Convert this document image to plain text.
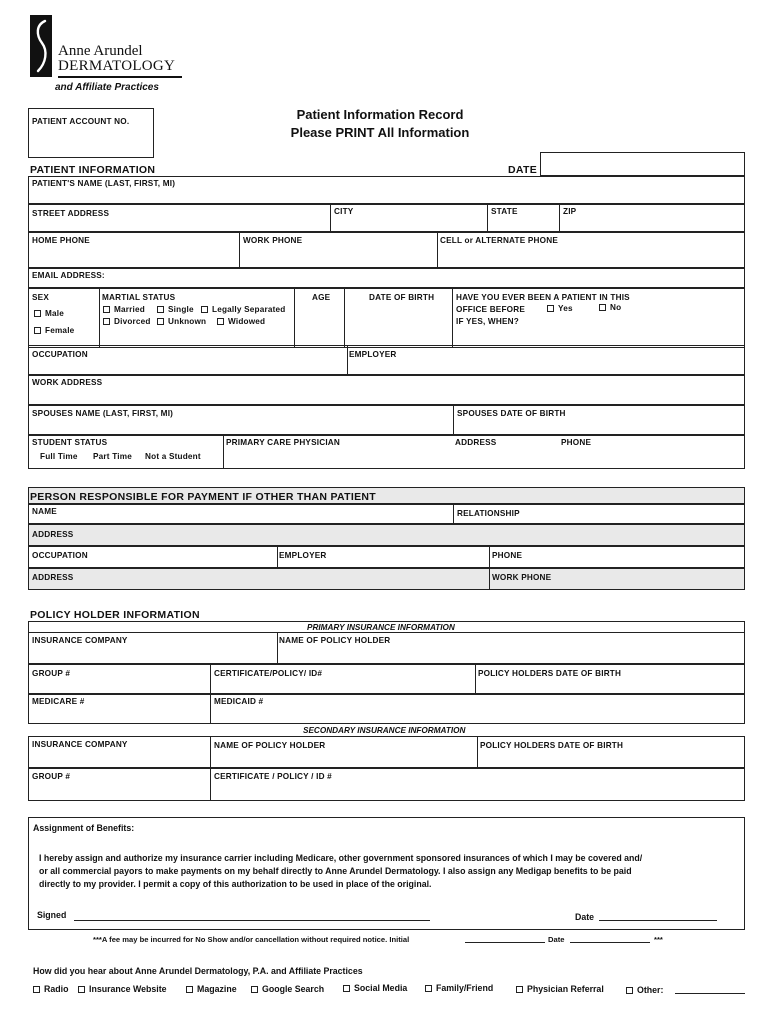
Anne Arundel
DERMATOLOGY
and Affiliate Practices
Patient Information Record
Please PRINT All Information
PATIENT ACCOUNT NO.
PATIENT INFORMATION	DATE
PATIENT'S NAME (LAST, FIRST, MI)
STREET ADDRESS	CITY	STATE	ZIP
HOME PHONE	WORK PHONE	CELL or ALTERNATE PHONE
EMAIL ADDRESS:
SEX
Male
Female
MARTIAL STATUS
Married	Single	Legally Separated
Divorced	Unknown	Widowed
AGE	DATE OF BIRTH	HAVE YOU EVER BEEN A PATIENT IN THIS
OFFICE BEFORE	Yes	No
IF YES, WHEN?
OCCUPATION	EMPLOYER
WORK ADDRESS
SPOUSES NAME (LAST, FIRST, MI)	SPOUSES DATE OF BIRTH
STUDENT STATUS
Full Time Part Time Not a Student
PRIMARY CARE PHYSICIAN	ADDRESS	PHONE
PERSON RESPONSIBLE FOR PAYMENT IF OTHER THAN PATIENT
NAME	RELATIONSHIP
ADDRESS
OCCUPATION	EMPLOYER	PHONE
ADDRESS	WORK PHONE
POLICY HOLDER INFORMATION
PRIMARY INSURANCE INFORMATION
INSURANCE COMPANY	NAME OF POLICY HOLDER
GROUP #	CERTIFICATE/POLICY/ ID#	POLICY HOLDERS DATE OF BIRTH
MEDICARE #	MEDICAID #
SECONDARY INSURANCE INFORMATION
INSURANCE COMPANY	NAME OF POLICY HOLDER	POLICY HOLDERS DATE OF BIRTH
GROUP #	CERTIFICATE / POLICY / ID #
Assignment of Benefits:
I hereby assign and authorize my insurance carrier including Medicare, other government sponsored insurances of which I may be covered and/
or all commercial payors to make payments on my behalf directly to Anne Arundel Dermatology. I also assign any Medigap benefits to be paid
directly to my provider. I permit a copy of this authorization to be used in place of the original.
Signed	Date
***A fee may be incurred for No Show and/or cancellation without required notice. Initial	Date	***
How did you hear about Anne Arundel Dermatology, P.A. and Affiliate Practices
Radio	Insurance Website	Magazine	Google Search	Social Media	Family/Friend	Physician Referral	Other:
